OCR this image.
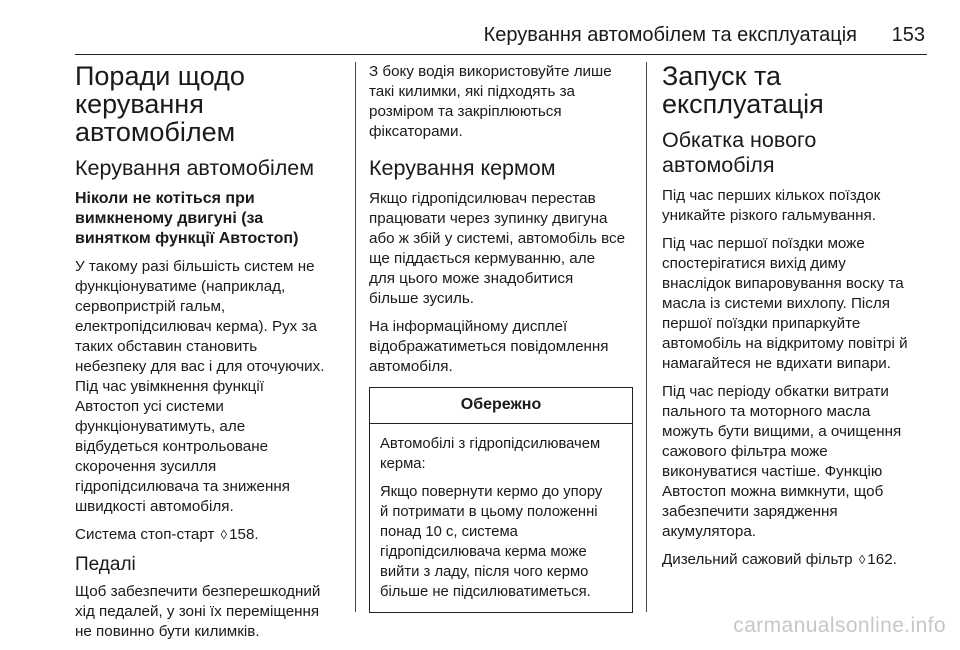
Керування автомобілем та експлуатація 153
Поради щодо
керування
автомобілем
Керування автомобілем
Ніколи не котіться при
вимкненому двигуні (за
винятком функції Автостоп)

У такому разі більшість систем не
функціонуватиме (наприклад,
сервопристрій гальм,
електропідсилювач керма). Рух за
таких обставин становить
небезпеку для вас і для оточуючих.
Під час увімкнення функції
Автостоп усі системи
функціонуватимуть, але
відбудеться контрольоване
скорочення зусилля
гідропідсилювача та зниження
швидкості автомобіля.

Система стоп-старт ◊ 158.

Педалі

Щоб забезпечити безперешкодний
хід педалей, у зоні їх переміщення
не повинно бути килимків.

З боку водія використовуйте лише
такі килимки, які підходять за
розміром та закріплюються
фіксаторами.

Керування кермом

Якщо гідропідсилювач перестав
працювати через зупинку двигуна
або ж збій у системі, автомобіль все
ще піддається кермуванню, але
для цього може знадобитися
більше зусиль.

На інформаційному дисплеї
відображатиметься повідомлення
автомобіля.

Обережно

Автомобілі з гідропідсилювачем
керма:

Якщо повернути кермо до упору
й потримати в цьому положенні
понад 10 с, система
гідропідсилювача керма може
вийти з ладу, після чого кермо
більше не підсилюватиметься.

Запуск та
експлуатація
Обкатка нового
автомобіля

Під час перших кількох поїздок
уникайте різкого гальмування.

Під час першої поїздки може
спостерігатися вихід диму
внаслідок випаровування воску та
масла із системи вихлопу. Після
першої поїздки припаркуйте
автомобіль на відкритому повітрі й
намагайтеся не вдихати випари.

Під час періоду обкатки витрати
пального та моторного масла
можуть бути вищими, а очищення
сажового фільтра може
виконуватися частіше. Функцію
Автостоп можна вимкнути, щоб
забезпечити зарядження
акумулятора.

Дизельний сажовий фільтр ◊ 162.

carmanualsonline.info
